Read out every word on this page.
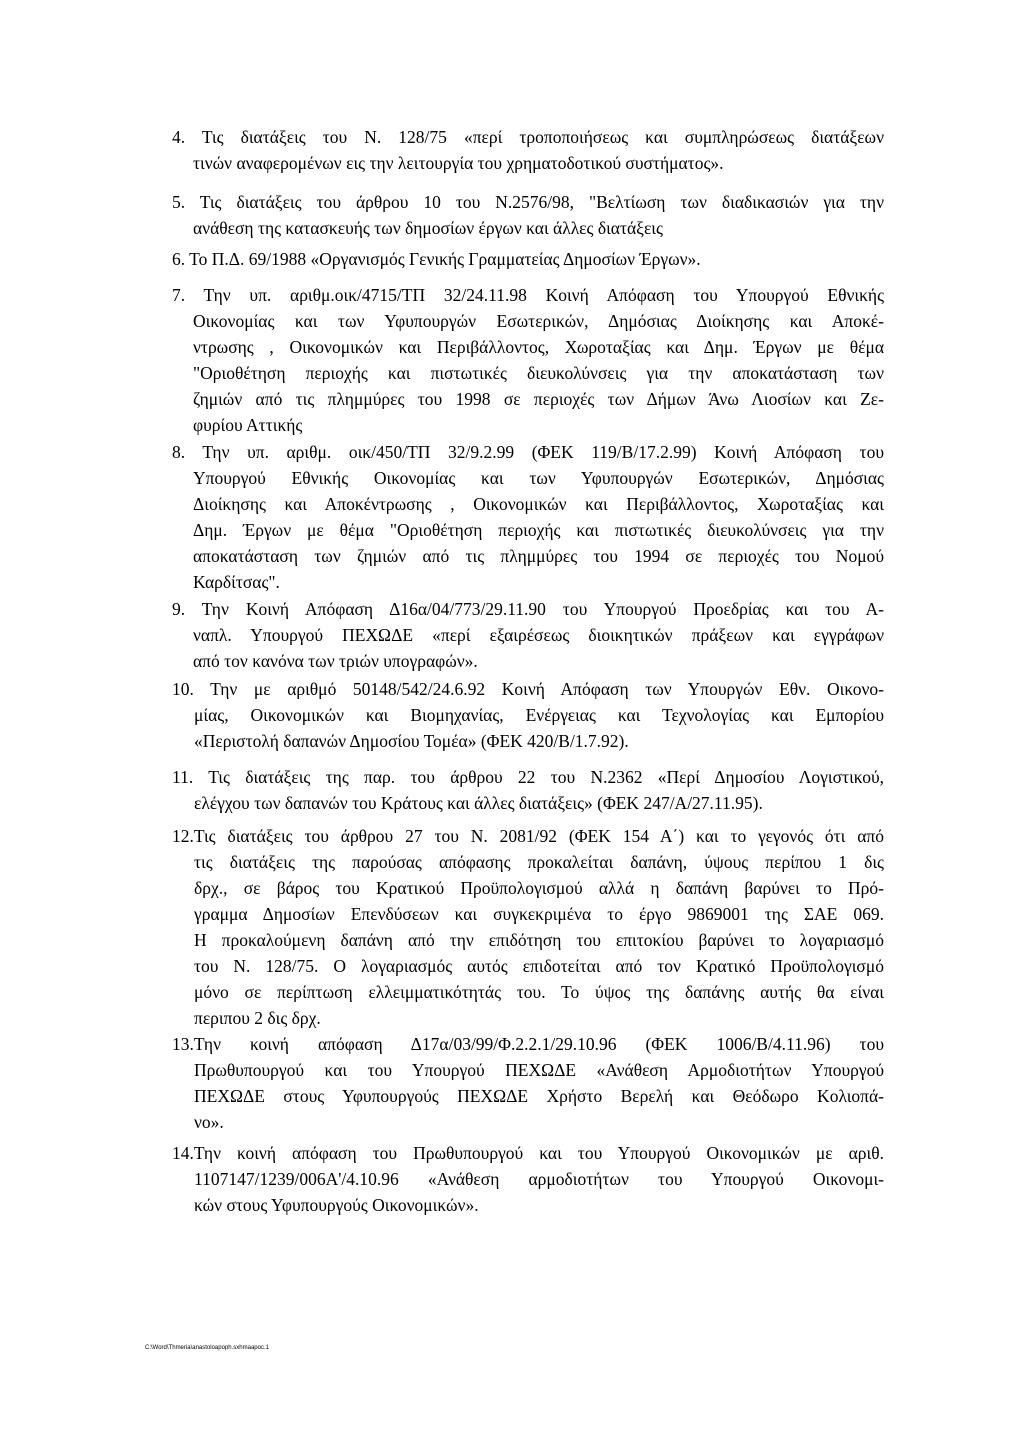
4. Τις διατάξεις του Ν. 128/75 «περί τροποποιήσεως και συμπληρώσεως διατάξεων
τινών αναφερομένων εις την λειτουργία του χρηματοδοτικού συστήματος».
5. Τις διατάξεις του άρθρου 10 του Ν.2576/98, "Βελτίωση των διαδικασιών για την
ανάθεση της κατασκευής των δημοσίων έργων και άλλες διατάξεις
6. Το Π.Δ. 69/1988 «Οργανισμός Γενικής Γραμματείας Δημοσίων Έργων».
7. Την υπ. αριθμ.οικ/4715/ΤΠ 32/24.11.98 Κοινή Απόφαση του Υπουργού Εθνικής
Οικονομίας και των Υφυπουργών Εσωτερικών, Δημόσιας Διοίκησης και Αποκέ-
ντρωσης , Οικονομικών και Περιβάλλοντος, Χωροταξίας και Δημ. Έργων με θέμα
"Οριοθέτηση περιοχής και πιστωτικές διευκολύνσεις για την αποκατάσταση των
ζημιών από τις πλημμύρες του 1998 σε περιοχές των Δήμων Άνω Λιοσίων και Ζε-
φυρίου Αττικής
8. Την υπ. αριθμ. οικ/450/ΤΠ 32/9.2.99 (ΦΕΚ 119/Β/17.2.99) Κοινή Απόφαση του
Υπουργού Εθνικής Οικονομίας και των Υφυπουργών Εσωτερικών, Δημόσιας
Διοίκησης και Αποκέντρωσης , Οικονομικών και Περιβάλλοντος, Χωροταξίας και
Δημ. Έργων με θέμα "Οριοθέτηση περιοχής και πιστωτικές διευκολύνσεις για την
αποκατάσταση των ζημιών από τις πλημμύρες του 1994 σε περιοχές του Νομού
Καρδίτσας".
9. Την Κοινή Απόφαση Δ16α/04/773/29.11.90 του Υπουργού Προεδρίας και του Α-
ναπλ. Υπουργού ΠΕΧΩΔΕ «περί εξαιρέσεως διοικητικών πράξεων και εγγράφων
από τον κανόνα των τριών υπογραφών».
10. Την με αριθμό 50148/542/24.6.92 Κοινή Απόφαση των Υπουργών Εθν. Οικονο-
μίας, Οικονομικών και Βιομηχανίας, Ενέργειας και Τεχνολογίας και Εμπορίου
«Περιστολή δαπανών Δημοσίου Τομέα» (ΦΕΚ 420/Β/1.7.92).
11. Τις διατάξεις της παρ. του άρθρου 22 του Ν.2362 «Περί Δημοσίου Λογιστικού,
ελέγχου των δαπανών του Κράτους και άλλες διατάξεις» (ΦΕΚ 247/Α/27.11.95).
12.Τις διατάξεις του άρθρου 27 του Ν. 2081/92 (ΦΕΚ 154 Α΄) και το γεγονός ότι από
τις διατάξεις της παρούσας απόφασης προκαλείται δαπάνη, ύψους περίπου 1 δις
δρχ., σε βάρος του Κρατικού Προϋπολογισμού αλλά η δαπάνη βαρύνει το Πρό-
γραμμα Δημοσίων Επενδύσεων και συγκεκριμένα το έργο 9869001 της ΣΑΕ 069.
Η προκαλούμενη δαπάνη από την επιδότηση του επιτοκίου βαρύνει το λογαριασμό
του Ν. 128/75. Ο λογαριασμός αυτός επιδοτείται από τον Κρατικό Προϋπολογισμό
μόνο σε περίπτωση ελλειμματικότητάς του. Το ύψος της δαπάνης αυτής θα είναι
περιπου 2 δις δρχ.
13.Την κοινή απόφαση Δ17α/03/99/Φ.2.2.1/29.10.96 (ΦΕΚ 1006/Β/4.11.96) του
Πρωθυπουργού και του Υπουργού ΠΕΧΩΔΕ «Ανάθεση Αρμοδιοτήτων Υπουργού
ΠΕΧΩΔΕ στους Υφυπουργούς ΠΕΧΩΔΕ Χρήστο Βερελή και Θεόδωρο Κολιοπά-
νο».
14.Την κοινή απόφαση του Πρωθυπουργού και του Υπουργού Οικονομικών με αριθ.
1107147/1239/006Α'/4.10.96 «Ανάθεση αρμοδιοτήτων του Υπουργού Οικονομι-
κών στους Υφυπουργούς Οικονομικών».
C:\Word\Thmeria\anastoloapoph.sxhmaapoc.1
